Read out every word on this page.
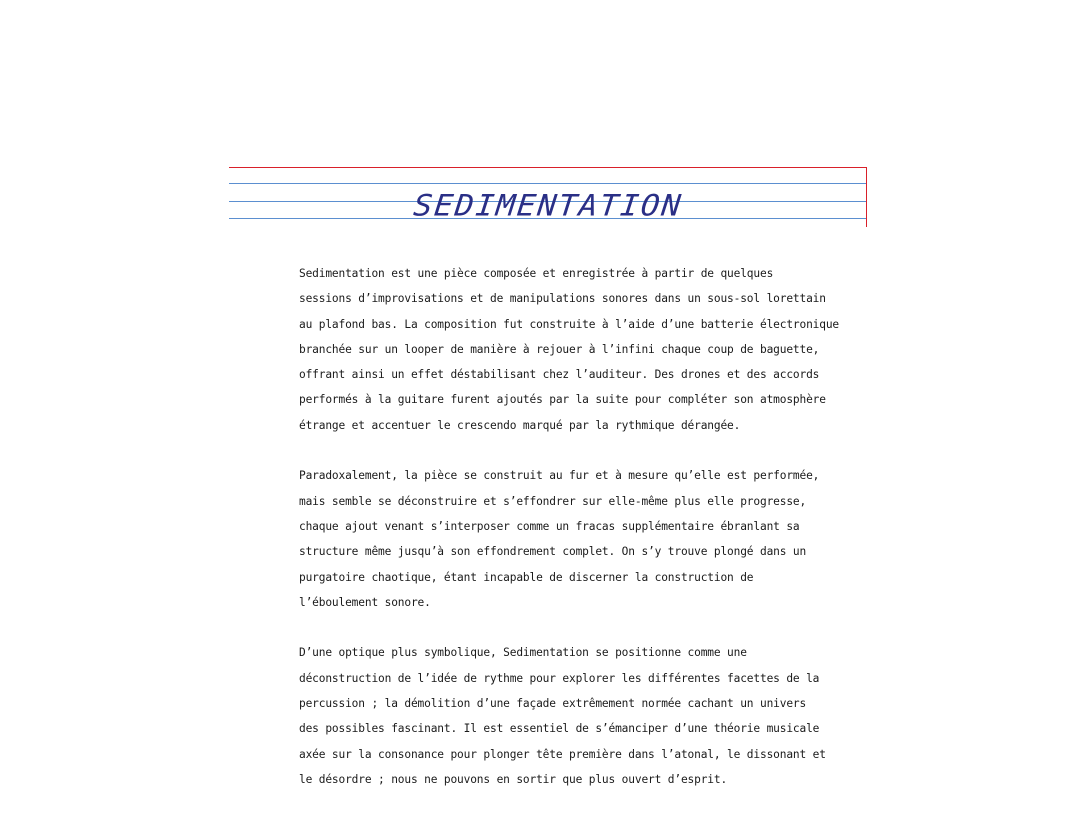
SEDIMENTATION

Sedimentation est une pièce composée et enregistrée à partir de quelques
sessions d’improvisations et de manipulations sonores dans un sous-sol lorettain
au plafond bas. La composition fut construite à l’aide d’une batterie électronique
branchée sur un looper de manière à rejouer à l’infini chaque coup de baguette,
offrant ainsi un effet déstabilisant chez l’auditeur. Des drones et des accords
performés à la guitare furent ajoutés par la suite pour compléter son atmosphère
étrange et accentuer le crescendo marqué par la rythmique dérangée.

Paradoxalement, la pièce se construit au fur et à mesure qu’elle est performée,
mais semble se déconstruire et s’effondrer sur elle-même plus elle progresse,
chaque ajout venant s’interposer comme un fracas supplémentaire ébranlant sa
structure même jusqu’à son effondrement complet. On s’y trouve plongé dans un
purgatoire chaotique, étant incapable de discerner la construction de
l’éboulement sonore.

D’une optique plus symbolique, Sedimentation se positionne comme une
déconstruction de l’idée de rythme pour explorer les différentes facettes de la
percussion ; la démolition d’une façade extrêmement normée cachant un univers
des possibles fascinant. Il est essentiel de s’émanciper d’une théorie musicale
axée sur la consonance pour plonger tête première dans l’atonal, le dissonant et
le désordre ; nous ne pouvons en sortir que plus ouvert d’esprit.
